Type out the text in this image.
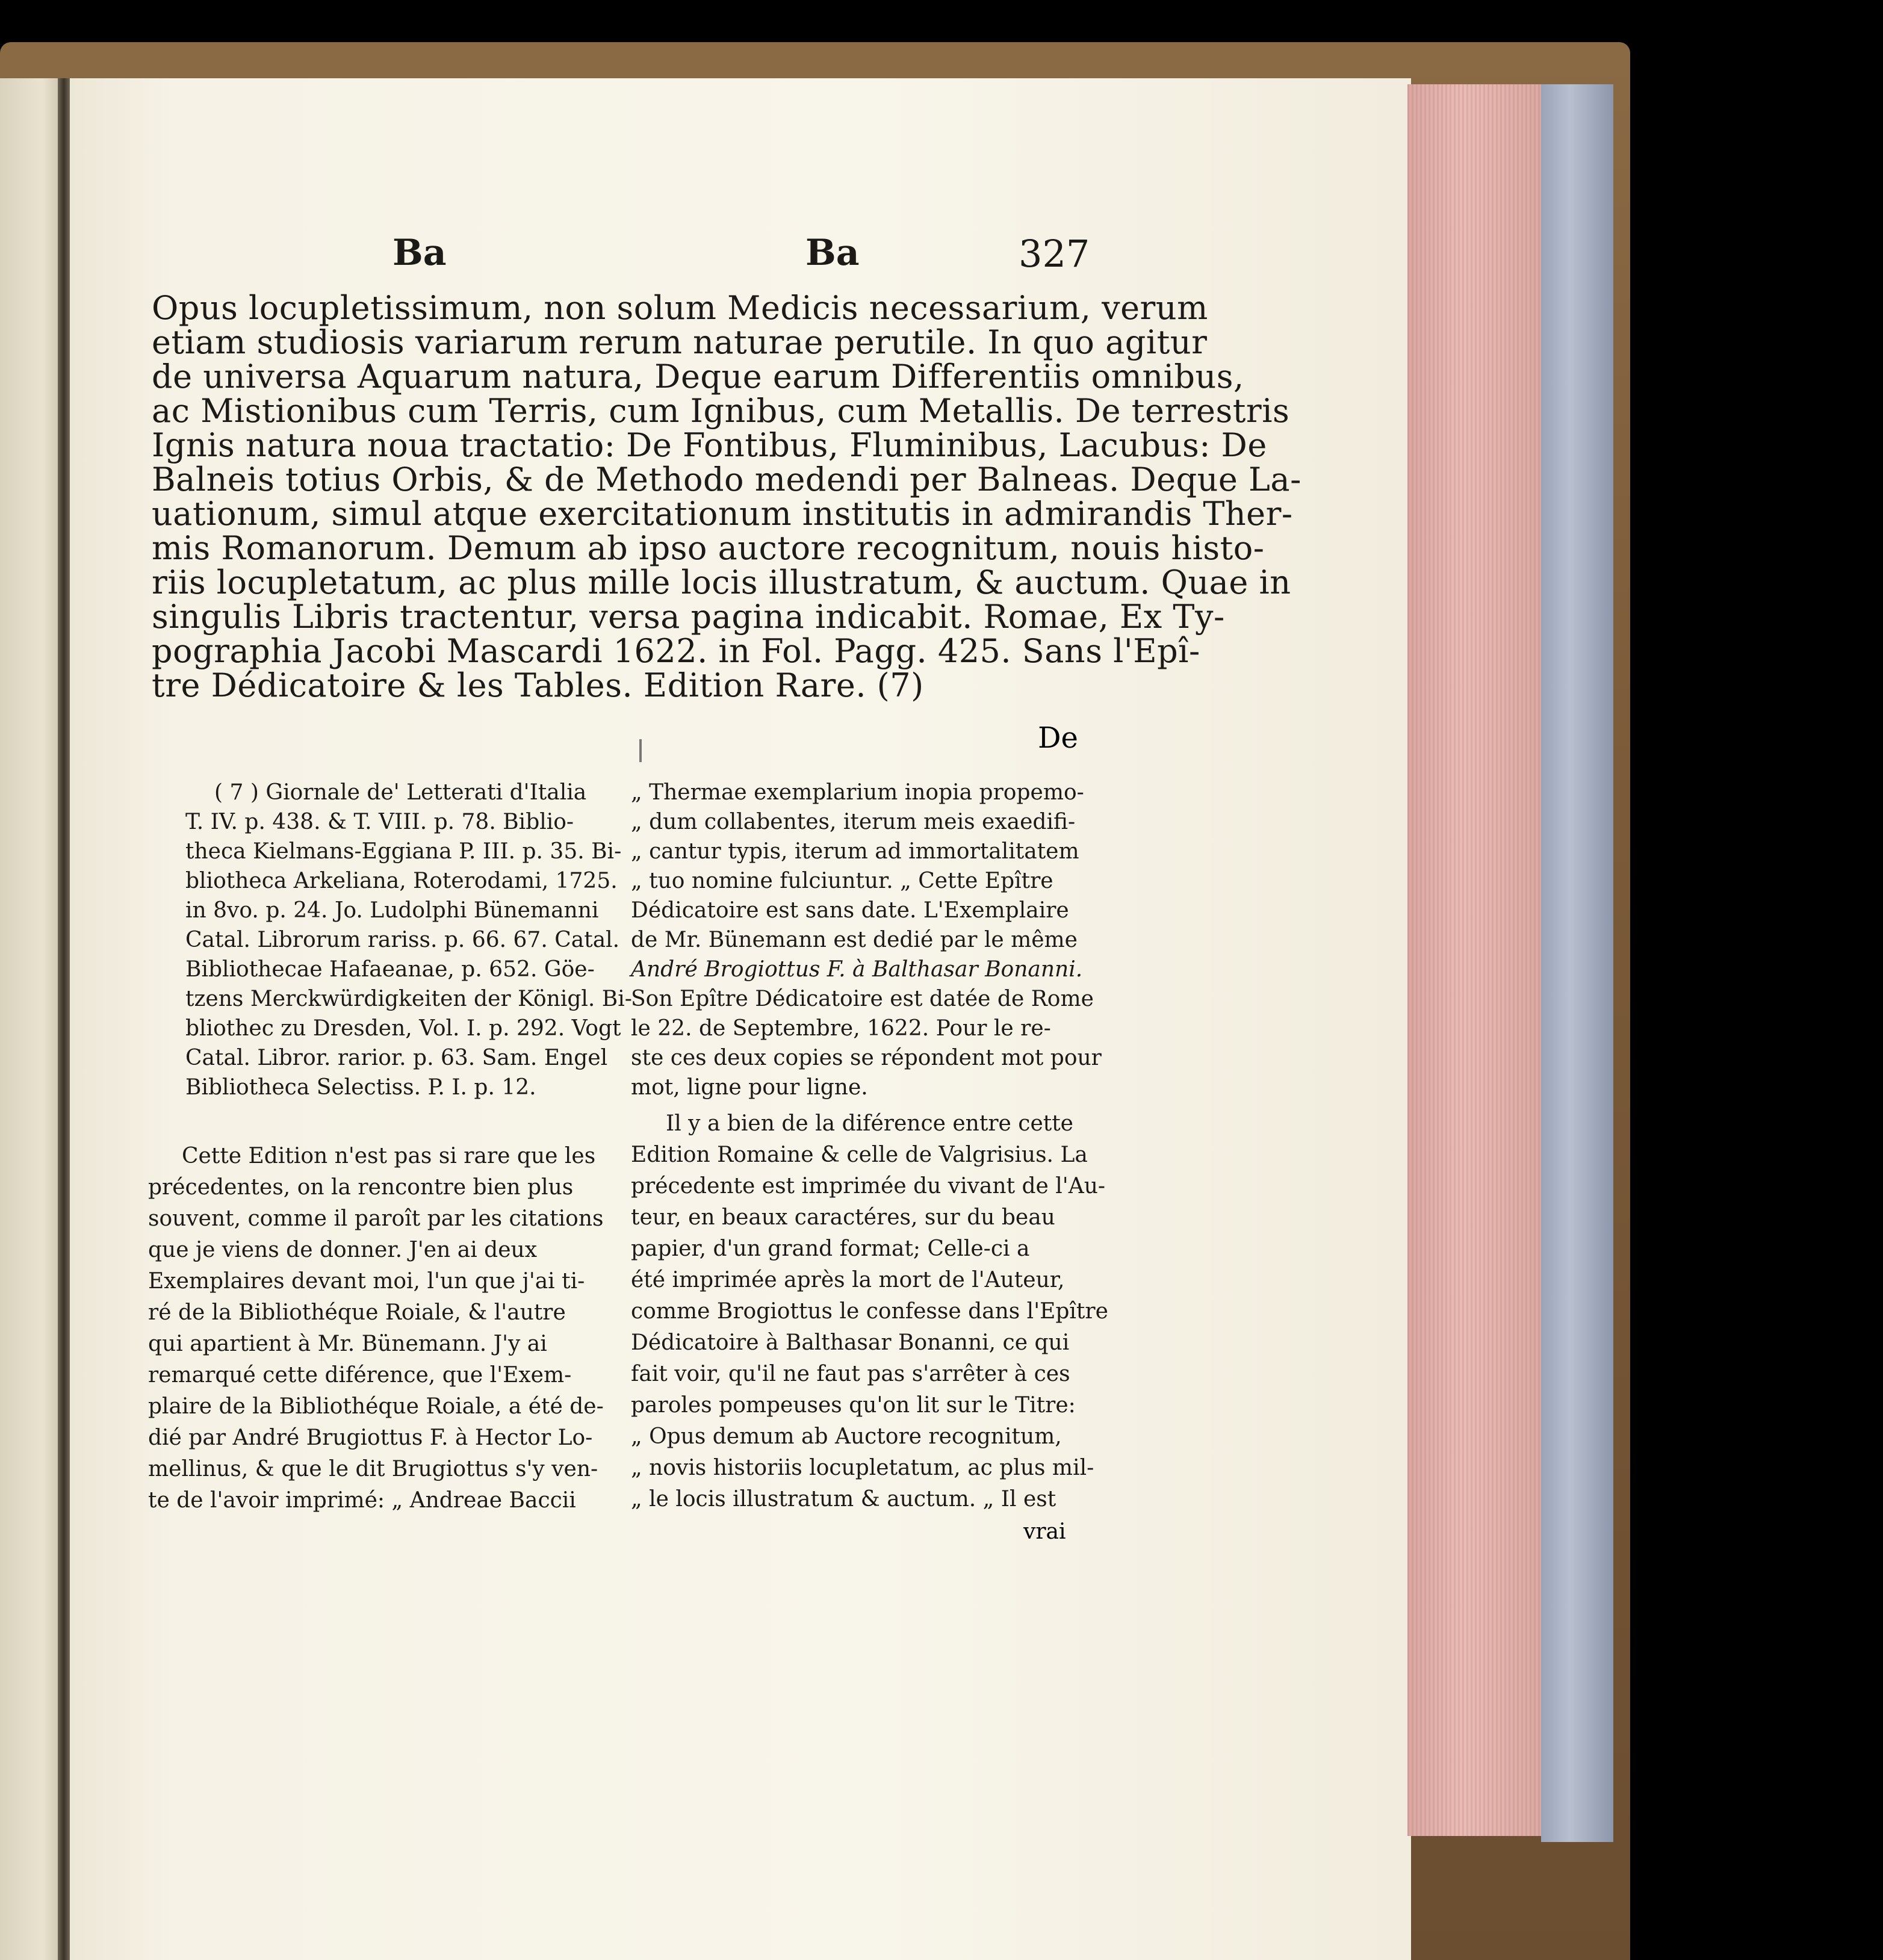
Ba	Ba	327
Opus locupletissimum, non solum Medicis necessarium, verum
etiam studiosis variarum rerum naturae perutile. In quo agitur
de universa Aquarum natura, Deque earum Differentiis omnibus,
ac Mistionibus cum Terris, cum Ignibus, cum Metallis. De terrestris
Ignis natura noua tractatio: De Fontibus, Fluminibus, Lacubus: De
Balneis totius Orbis, & de Methodo medendi per Balneas. Deque La-
uationum, simul atque exercitationum institutis in admirandis Ther-
mis Romanorum. Demum ab ipso auctore recognitum, nouis histo-
riis locupletatum, ac plus mille locis illustratum, & auctum. Quae in
singulis Libris tractentur, versa pagina indicabit. Romae, Ex Ty-
pographia Jacobi Mascardi 1622. in Fol. Pagg. 425. Sans l'Epî-
tre Dédicatoire & les Tables. Edition Rare. (7)
De
( 7 ) Giornale de' Letterati d'Italia
T. IV. p. 438. & T. VIII. p. 78. Biblio-
theca Kielmans-Eggiana P. III. p. 35. Bi-
bliotheca Arkeliana, Roterodami, 1725.
in 8vo. p. 24. Jo. Ludolphi Bünemanni
Catal. Librorum rariss. p. 66. 67. Catal.
Bibliothecae Hafaeanae, p. 652. Göe-
tzens Merckwürdigkeiten der Königl. Bi-
bliothec zu Dresden, Vol. I. p. 292. Vogt
Catal. Libror. rarior. p. 63. Sam. Engel
Bibliotheca Selectiss. P. I. p. 12.
Cette Edition n'est pas si rare que les
précedentes, on la rencontre bien plus
souvent, comme il paroît par les citations
que je viens de donner. J'en ai deux
Exemplaires devant moi, l'un que j'ai ti-
ré de la Bibliothéque Roiale, & l'autre
qui apartient à Mr. Bünemann. J'y ai
remarqué cette diférence, que l'Exem-
plaire de la Bibliothéque Roiale, a été de-
dié par André Brugiottus F. à Hector Lo-
mellinus, & que le dit Brugiottus s'y ven-
te de l'avoir imprimé: „ Andreae Baccii
„ Thermae exemplarium inopia propemo-
„ dum collabentes, iterum meis exaedifi-
„ cantur typis, iterum ad immortalitatem
„ tuo nomine fulciuntur. „ Cette Epître
Dédicatoire est sans date. L'Exemplaire
de Mr. Bünemann est dedié par le même
André Brogiottus F. à Balthasar Bonanni.
Son Epître Dédicatoire est datée de Rome
le 22. de Septembre, 1622. Pour le re-
ste ces deux copies se répondent mot pour
mot, ligne pour ligne.
Il y a bien de la diférence entre cette
Edition Romaine & celle de Valgrisius. La
précedente est imprimée du vivant de l'Au-
teur, en beaux caractéres, sur du beau
papier, d'un grand format; Celle-ci a
été imprimée après la mort de l'Auteur,
comme Brogiottus le confesse dans l'Epître
Dédicatoire à Balthasar Bonanni, ce qui
fait voir, qu'il ne faut pas s'arrêter à ces
paroles pompeuses qu'on lit sur le Titre:
„ Opus demum ab Auctore recognitum,
„ novis historiis locupletatum, ac plus mil-
„ le locis illustratum & auctum. „ Il est
vrai
